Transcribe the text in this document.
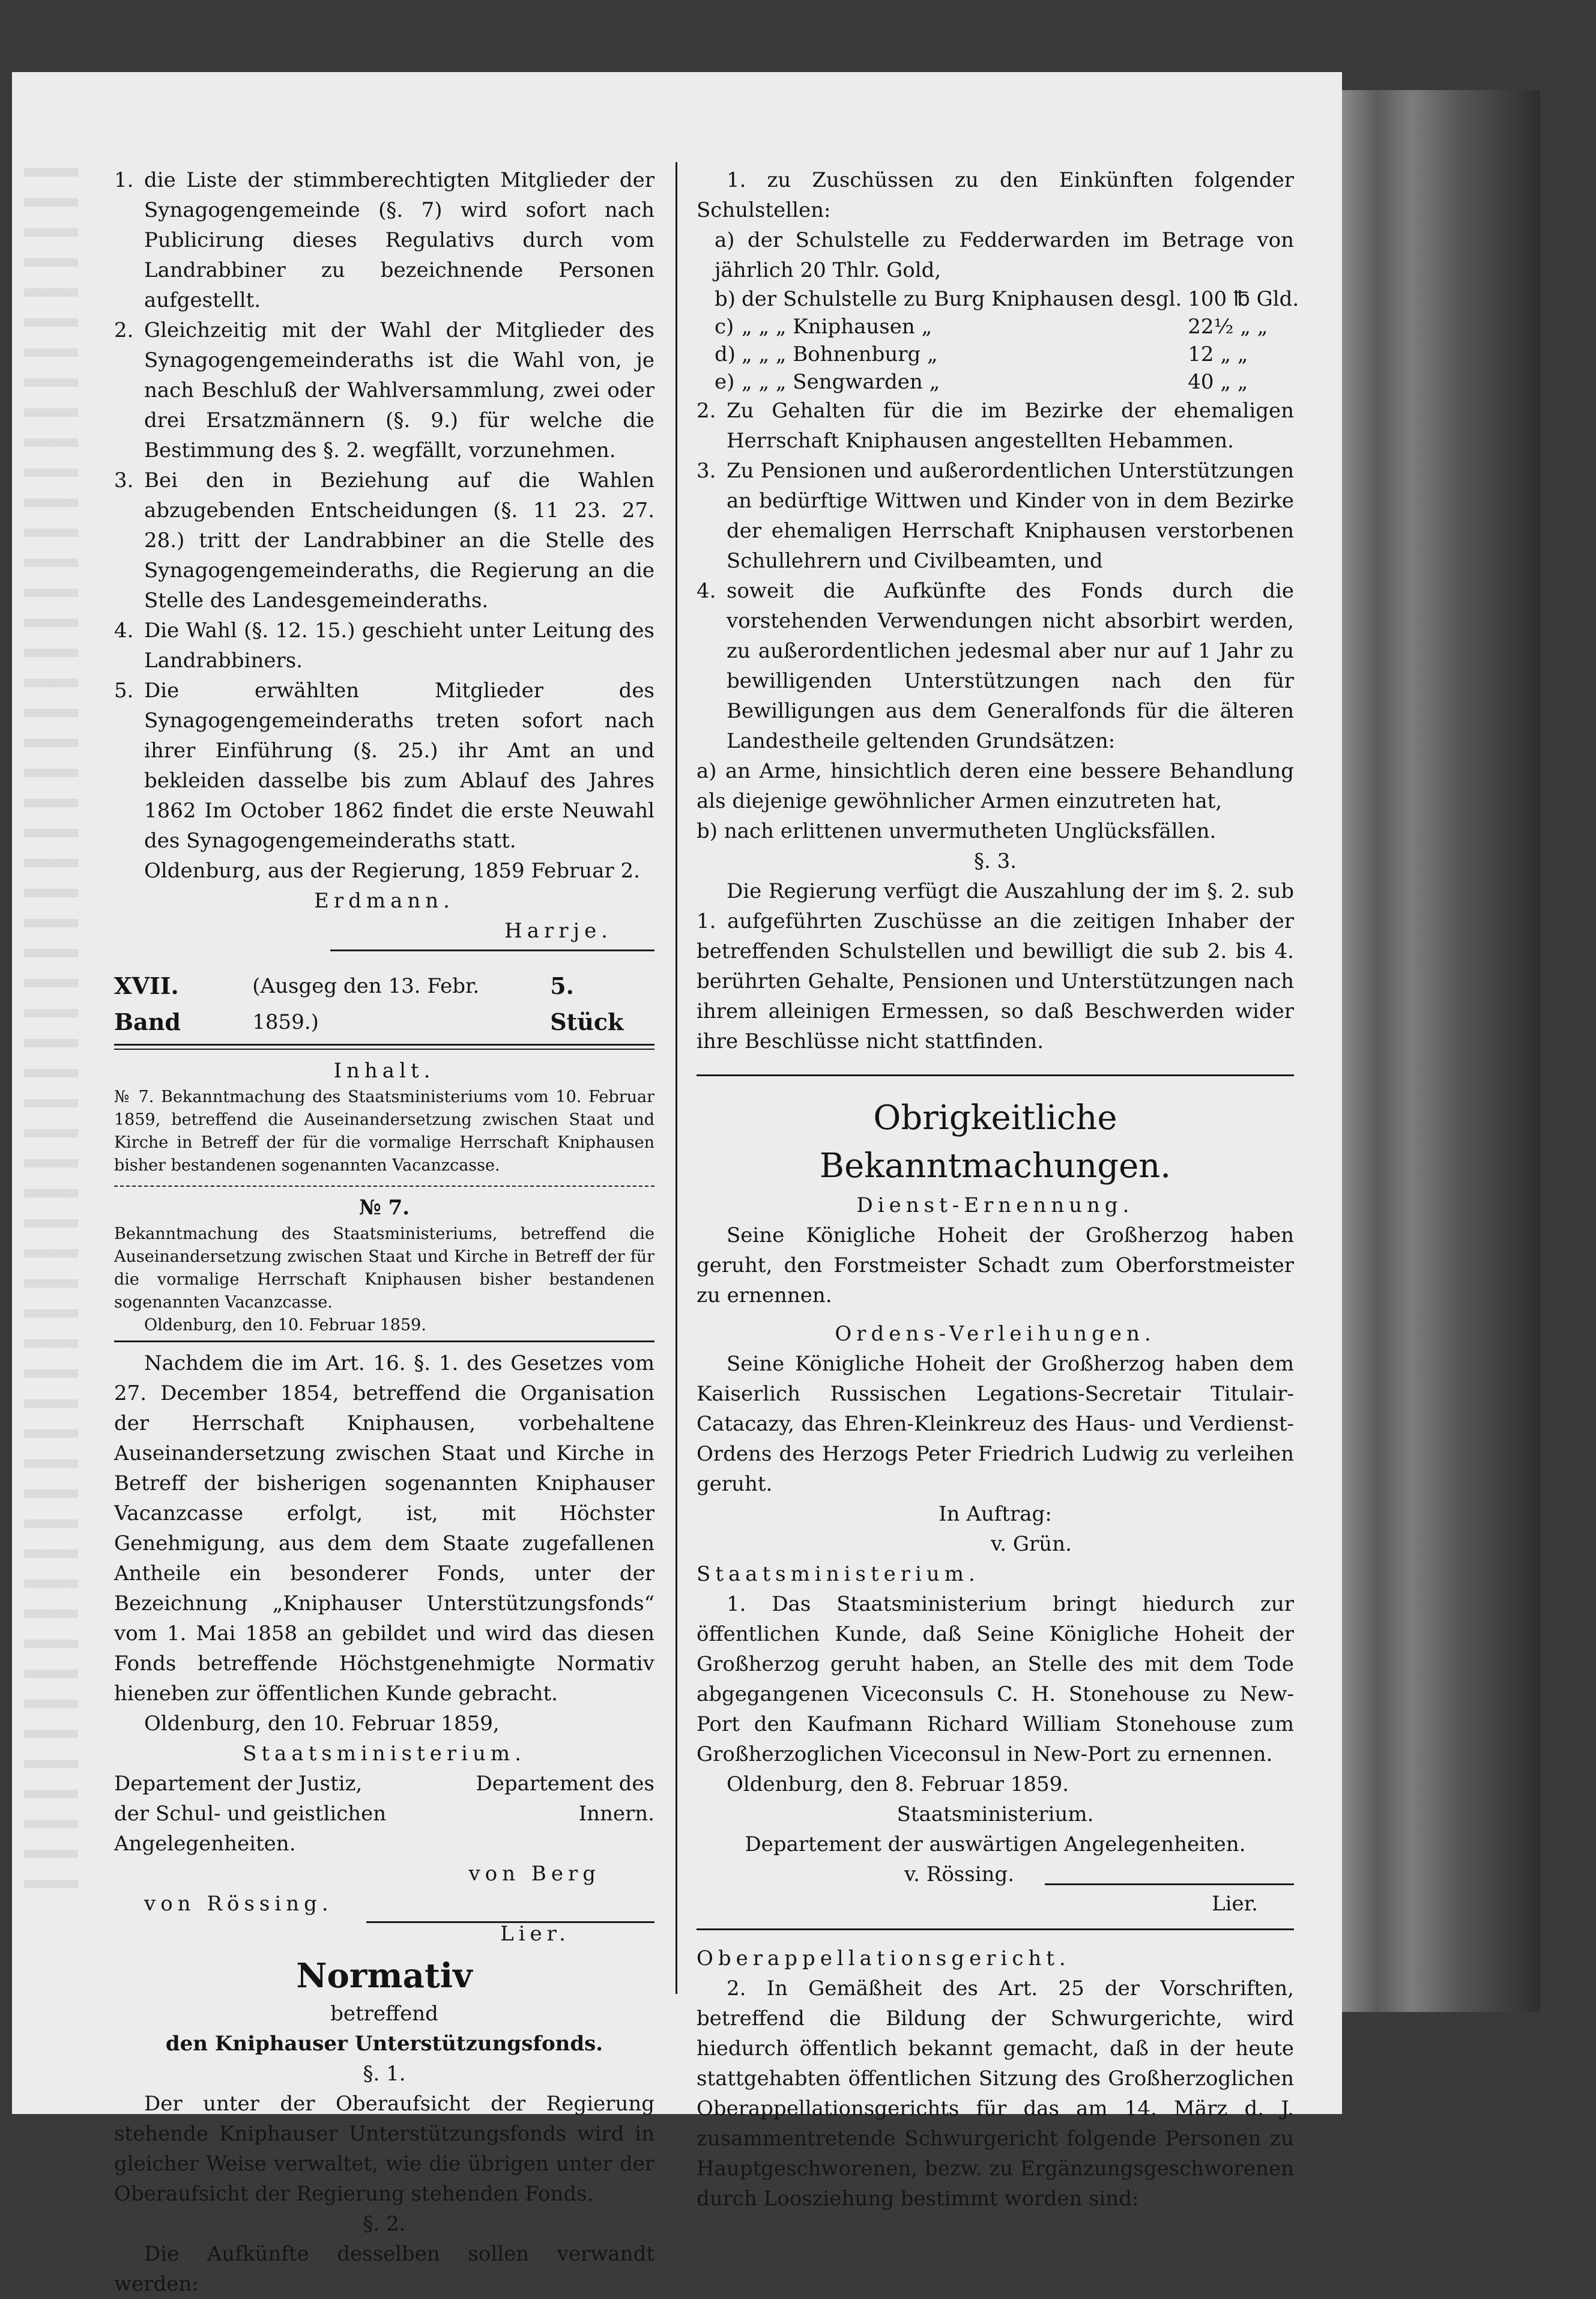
1. die Liste der stimmberechtigten Mitglieder der Synagogengemeinde (§. 7) wird sofort nach Publicirung dieses Regulativs durch vom Landrabbiner zu bezeichnende Personen aufgestellt.
2. Gleichzeitig mit der Wahl der Mitglieder des Synagogengemeinderaths ist die Wahl von, je nach Beschluß der Wahlversammlung, zwei oder drei Ersatzmännern (§. 9.) für welche die Bestimmung des §. 2. wegfällt, vorzunehmen.
3. Bei den in Beziehung auf die Wahlen abzugebenden Entscheidungen (§. 11 23. 27. 28.) tritt der Landrabbiner an die Stelle des Synagogengemeinderaths, die Regierung an die Stelle des Landesgemeinderaths.
4. Die Wahl (§. 12. 15.) geschieht unter Leitung des Landrabbiners.
5. Die erwählten Mitglieder des Synagogengemeinderaths treten sofort nach ihrer Einführung (§. 25.) ihr Amt an und bekleiden dasselbe bis zum Ablauf des Jahres 1862 Im October 1862 findet die erste Neuwahl des Synagogengemeinderaths statt.

Oldenburg, aus der Regierung, 1859 Februar 2.

Erdmann.

Harrje.

XVII. Band
(Ausgeg den 13. Febr. 1859.)
5. Stück

Inhalt.

№ 7. Bekanntmachung des Staatsministeriums vom 10. Februar 1859, betreffend die Auseinandersetzung zwischen Staat und Kirche in Betreff der für die vormalige Herrschaft Kniphausen bisher bestandenen sogenannten Vacanzcasse.

№ 7.

Bekanntmachung des Staatsministeriums, betreffend die Auseinandersetzung zwischen Staat und Kirche in Betreff der für die vormalige Herrschaft Kniphausen bisher bestandenen sogenannten Vacanzcasse.

Oldenburg, den 10. Februar 1859.

Nachdem die im Art. 16. §. 1. des Gesetzes vom 27. December 1854, betreffend die Organisation der Herrschaft Kniphausen, vorbehaltene Auseinandersetzung zwischen Staat und Kirche in Betreff der bisherigen sogenannten Kniphauser Vacanzcasse erfolgt, ist, mit Höchster Genehmigung, aus dem dem Staate zugefallenen Antheile ein besonderer Fonds, unter der Bezeichnung „Kniphauser Unterstützungsfonds“ vom 1. Mai 1858 an gebildet und wird das diesen Fonds betreffende Höchstgenehmigte Normativ hieneben zur öffentlichen Kunde gebracht.

Oldenburg, den 10. Februar 1859,

Staatsministerium.

Departement der Justiz, der Schul- und geistlichen Angelegenheiten.

Departement des Innern.

von Berg

von Rössing.

Lier.

Normativ

betreffend

den Kniphauser Unterstützungsfonds.

§. 1.

Der unter der Oberaufsicht der Regierung stehende Kniphauser Unterstützungsfonds wird in gleicher Weise verwaltet, wie die übrigen unter der Oberaufsicht der Regierung stehenden Fonds.

§. 2.

Die Aufkünfte desselben sollen verwandt werden:

1. zu Zuschüssen zu den Einkünften folgender Schulstellen:

a) der Schulstelle zu Fedderwarden im Betrage von jährlich 20 Thlr. Gold,

b)	der Schulstelle zu Burg Kniphausen desgl.	100 ℔ Gld.
c)	„ „ „ Kniphausen „	22½ „ „
d)	„ „ „ Bohnenburg „	12 „ „
e)	„ „ „ Sengwarden „	40 „ „
2. Zu Gehalten für die im Bezirke der ehemaligen Herrschaft Kniphausen angestellten Hebammen.
3. Zu Pensionen und außerordentlichen Unterstützungen an bedürftige Wittwen und Kinder von in dem Bezirke der ehemaligen Herrschaft Kniphausen verstorbenen Schullehrern und Civilbeamten, und
4. soweit die Aufkünfte des Fonds durch die vorstehenden Verwendungen nicht absorbirt werden, zu außerordentlichen jedesmal aber nur auf 1 Jahr zu bewilligenden Unterstützungen nach den für Bewilligungen aus dem Generalfonds für die älteren Landestheile geltenden Grundsätzen:

a) an Arme, hinsichtlich deren eine bessere Behandlung als diejenige gewöhnlicher Armen einzutreten hat,

b) nach erlittenen unvermutheten Unglücksfällen.

§. 3.

Die Regierung verfügt die Auszahlung der im §. 2. sub 1. aufgeführten Zuschüsse an die zeitigen Inhaber der betreffenden Schulstellen und bewilligt die sub 2. bis 4. berührten Gehalte, Pensionen und Unterstützungen nach ihrem alleinigen Ermessen, so daß Beschwerden wider ihre Beschlüsse nicht stattfinden.

Obrigkeitliche Bekanntmachungen.

Dienst-Ernennung.

Seine Königliche Hoheit der Großherzog haben geruht, den Forstmeister Schadt zum Oberforstmeister zu ernennen.

Ordens-Verleihungen.

Seine Königliche Hoheit der Großherzog haben dem Kaiserlich Russischen Legations-Secretair Titulair-Catacazy, das Ehren-Kleinkreuz des Haus- und Verdienst-Ordens des Herzogs Peter Friedrich Ludwig zu verleihen geruht.

In Auftrag:

v. Grün.

Staatsministerium.

1. Das Staatsministerium bringt hiedurch zur öffentlichen Kunde, daß Seine Königliche Hoheit der Großherzog geruht haben, an Stelle des mit dem Tode abgegangenen Viceconsuls C. H. Stonehouse zu New-Port den Kaufmann Richard William Stonehouse zum Großherzoglichen Viceconsul in New-Port zu ernennen.

Oldenburg, den 8. Februar 1859.

Staatsministerium.

Departement der auswärtigen Angelegenheiten.

v. Rössing.

Lier.

Oberappellationsgericht.

2. In Gemäßheit des Art. 25 der Vorschriften, betreffend die Bildung der Schwurgerichte, wird hiedurch öffentlich bekannt gemacht, daß in der heute stattgehabten öffentlichen Sitzung des Großherzoglichen Oberappellationsgerichts für das am 14. März d. J. zusammentretende Schwurgericht folgende Personen zu Hauptgeschworenen, bezw. zu Ergänzungsgeschworenen durch Loosziehung bestimmt worden sind:
